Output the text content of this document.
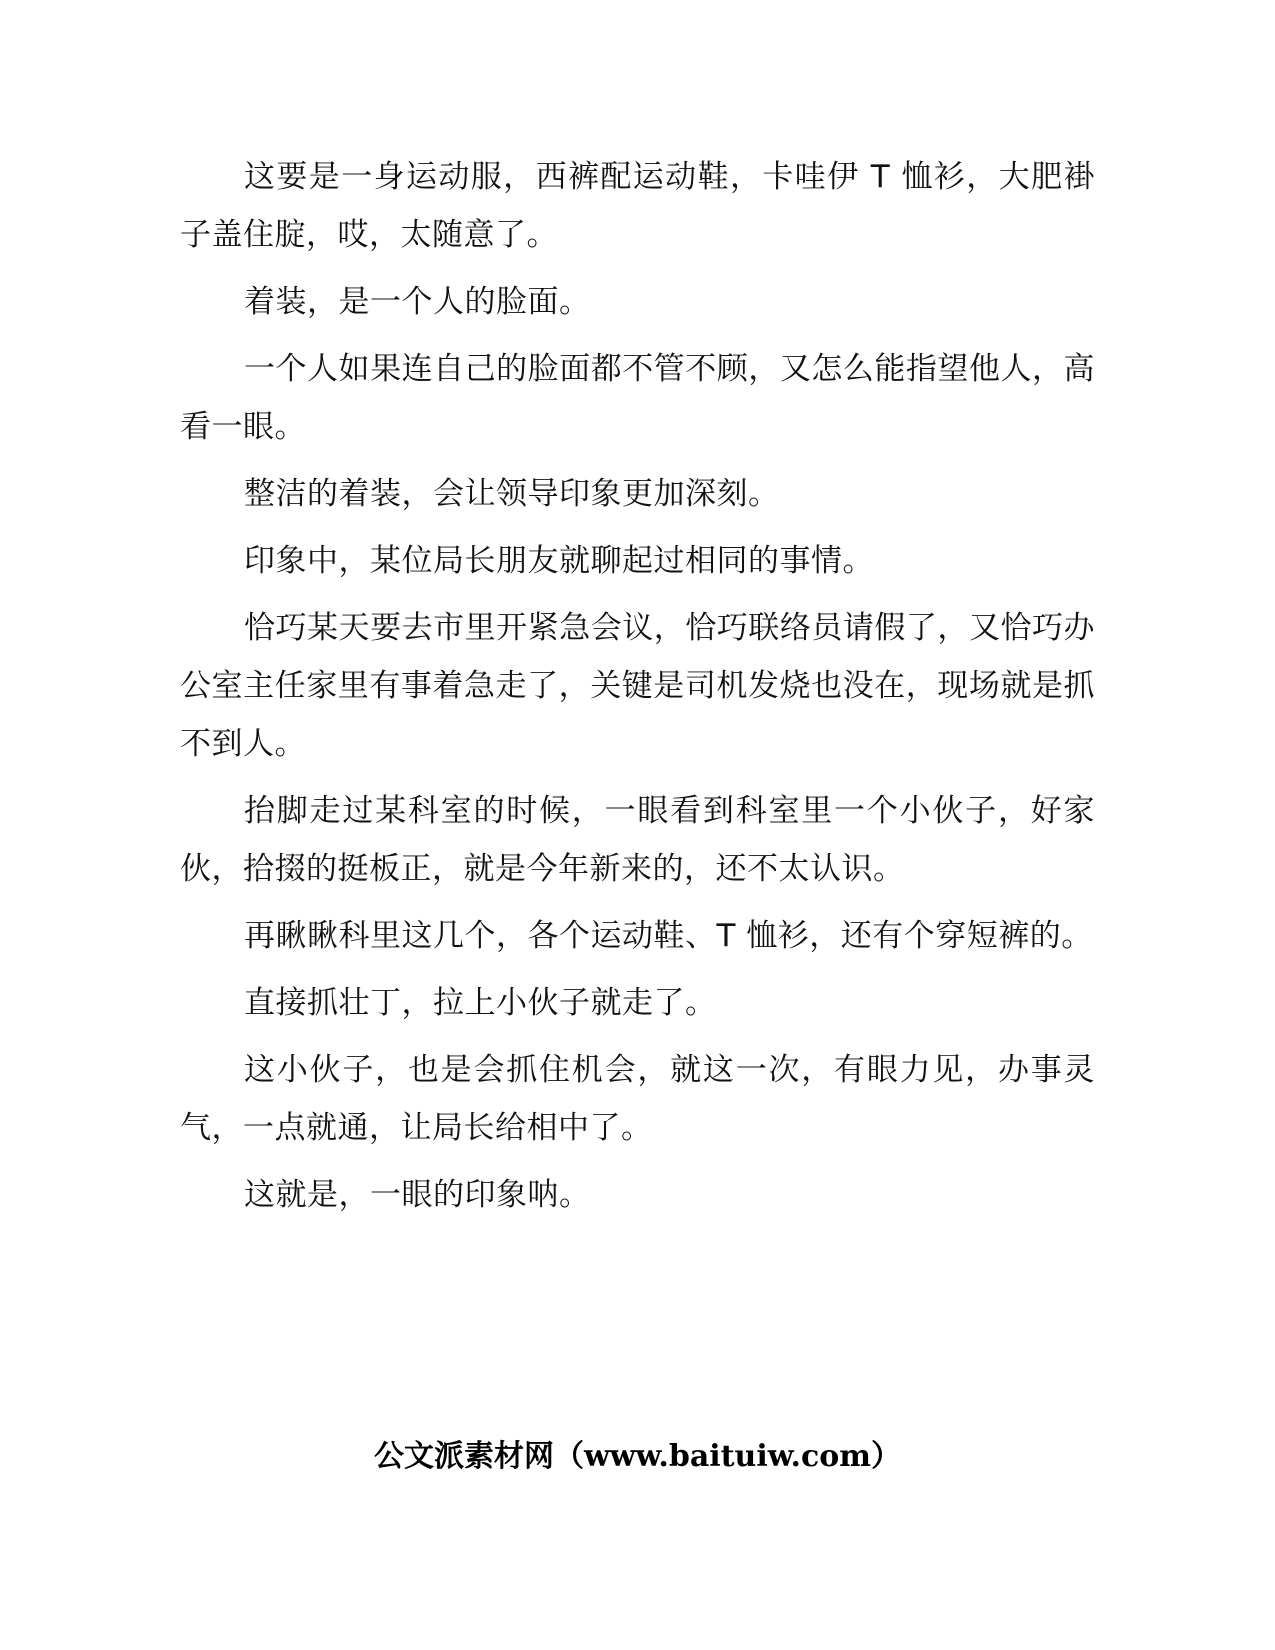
这要是一身运动服，西裤配运动鞋，卡哇伊 T 恤衫，大肥褂子盖住腚，哎，太随意了。

着装，是一个人的脸面。

一个人如果连自己的脸面都不管不顾，又怎么能指望他人，高看一眼。

整洁的着装，会让领导印象更加深刻。

印象中，某位局长朋友就聊起过相同的事情。

恰巧某天要去市里开紧急会议，恰巧联络员请假了，又恰巧办公室主任家里有事着急走了，关键是司机发烧也没在，现场就是抓不到人。

抬脚走过某科室的时候，一眼看到科室里一个小伙子，好家伙，拾掇的挺板正，就是今年新来的，还不太认识。

再瞅瞅科里这几个，各个运动鞋、T 恤衫，还有个穿短裤的。

直接抓壮丁，拉上小伙子就走了。

这小伙子，也是会抓住机会，就这一次，有眼力见，办事灵气，一点就通，让局长给相中了。

这就是，一眼的印象呐。

公文派素材网（www.baituiw.com）
